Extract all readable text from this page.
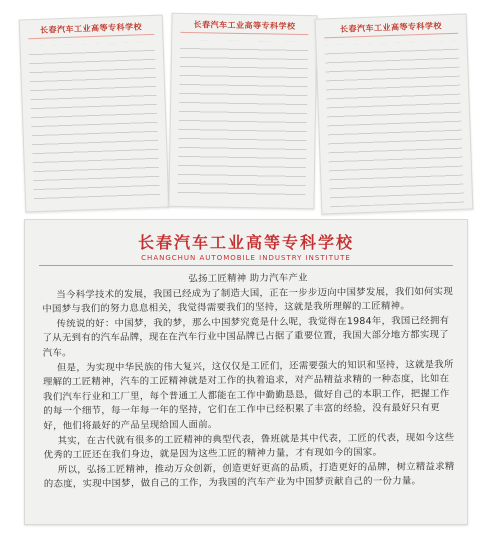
长春汽车工业高等专科学校	长春汽车工业高等专科学校	长春汽车工业高等专科学校
长春汽车工业高等专科学校
CHANGCHUN AUTOMOBILE INDUSTRY INSTITUTE
弘扬工匠精神 助力汽车产业

当今科学技术的发展，我国已经成为了制造大国，正在一步步迈向中国梦发展，我们如何实现中国梦与我们的努力息息相关，我觉得需要我们的坚持，这就是我所理解的工匠精神。

传统说的好：中国梦，我的梦，那么中国梦究竟是什么呢，我觉得在1984年，我国已经拥有了从无到有的汽车品牌，现在在汽车行业中国品牌已占据了重要位置，我国大部分地方都实现了汽车。

但是，为实现中华民族的伟大复兴，这仅仅是工匠们，还需要强大的知识和坚持，这就是我所理解的工匠精神，汽车的工匠精神就是对工作的执着追求，对产品精益求精的一种态度，比如在我们汽车行业和工厂里，每个普通工人都能在工作中勤勤恳恳，做好自己的本职工作，把握工作的每一个细节，每一年每一年的坚持，它们在工作中已经积累了丰富的经验，没有最好只有更好，他们将最好的产品呈现给国人面前。

其实，在古代就有很多的工匠精神的典型代表，鲁班就是其中代表，工匠的代表，现如今这些优秀的工匠还在我们身边，就是因为这些工匠的精神力量，才有现如今的国家。

所以，弘扬工匠精神，推动万众创新，创造更好更高的品质，打造更好的品牌，树立精益求精的态度，实现中国梦，做自己的工作，为我国的汽车产业为中国梦贡献自己的一份力量。
